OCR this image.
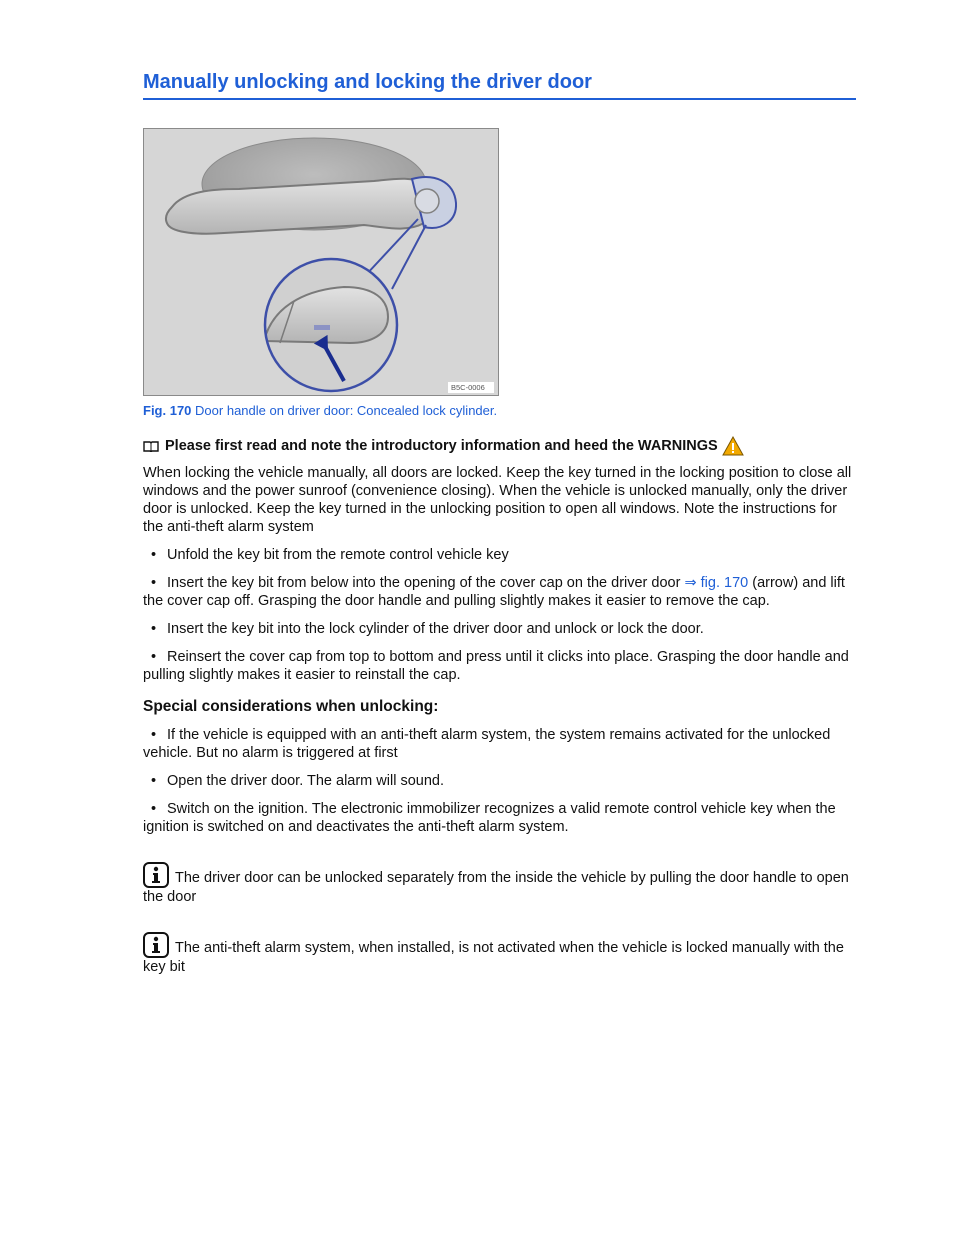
Manually unlocking and locking the driver door
B5C-0006
Fig. 170 Door handle on driver door: Concealed lock cylinder.
Please first read and note the introductory information and heed the WARNINGS

When locking the vehicle manually, all doors are locked. Keep the key turned in the locking position to close all windows and the power sunroof (convenience closing). When the vehicle is unlocked manually, only the driver door is unlocked. Keep the key turned in the unlocking position to open all windows. Note the instructions for the anti-theft alarm system

• Unfold the key bit from the remote control vehicle key
• Insert the key bit from below into the opening of the cover cap on the driver door ⇒ fig. 170 (arrow) and lift the cover cap off. Grasping the door handle and pulling slightly makes it easier to remove the cap.
• Insert the key bit into the lock cylinder of the driver door and unlock or lock the door.
• Reinsert the cover cap from top to bottom and press until it clicks into place. Grasping the door handle and pulling slightly makes it easier to reinstall the cap.
Special considerations when unlocking:
• If the vehicle is equipped with an anti-theft alarm system, the system remains activated for the unlocked vehicle. But no alarm is triggered at first
• Open the driver door. The alarm will sound.
• Switch on the ignition. The electronic immobilizer recognizes a valid remote control vehicle key when the ignition is switched on and deactivates the anti-theft alarm system.

The driver door can be unlocked separately from the inside the vehicle by pulling the door handle to open the door

The anti-theft alarm system, when installed, is not activated when the vehicle is locked manually with the key bit
